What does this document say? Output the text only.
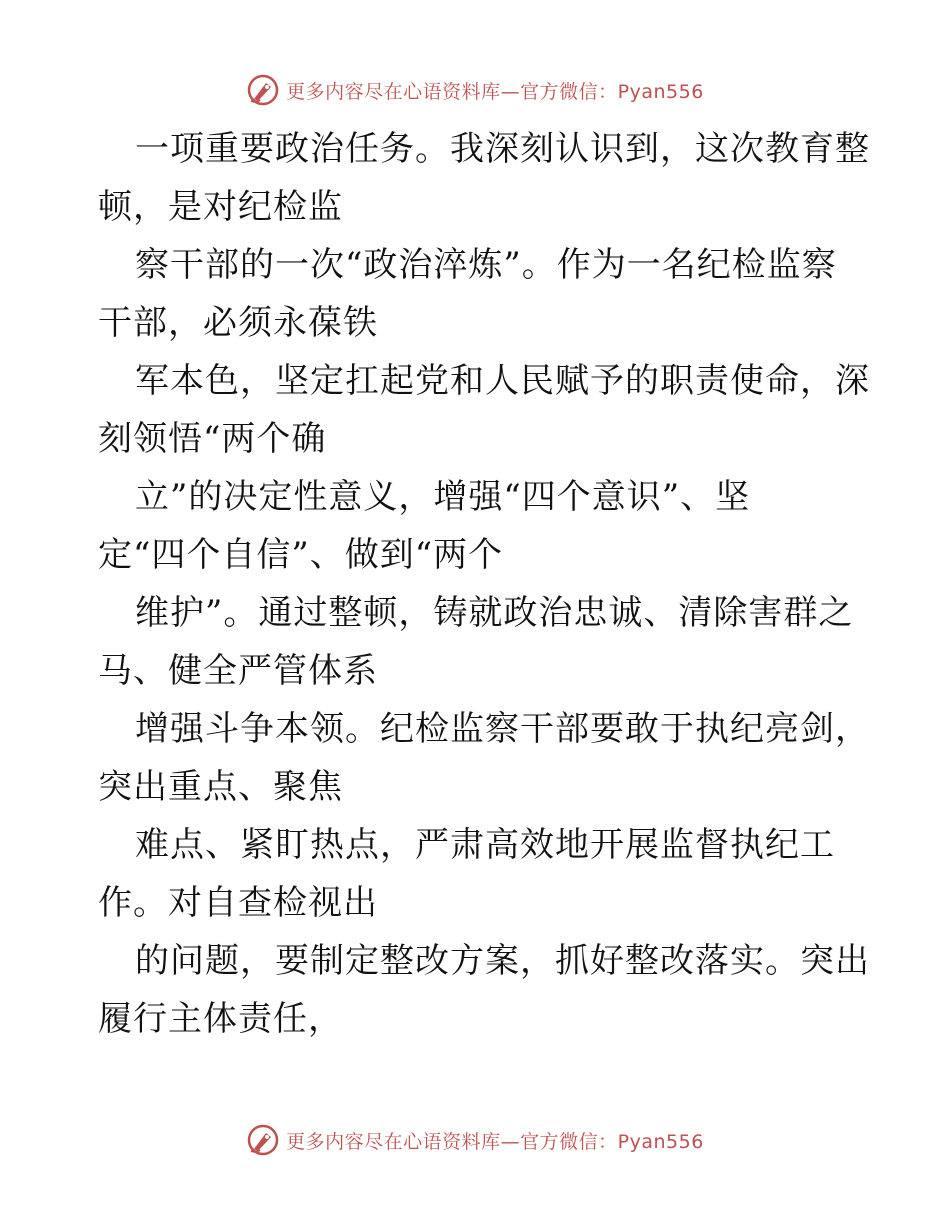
更多内容尽在心语资料库—官方微信：Pyan556
一项重要政治任务。我深刻认识到，这次教育整
顿，是对纪检监
察干部的一次“政治淬炼”。作为一名纪检监察
干部，必须永葆铁
军本色，坚定扛起党和人民赋予的职责使命，深
刻领悟“两个确
立”的决定性意义，增强“四个意识”、坚
定“四个自信”、做到“两个
维护”。通过整顿，铸就政治忠诚、清除害群之
马、健全严管体系
增强斗争本领。纪检监察干部要敢于执纪亮剑，
突出重点、聚焦
难点、紧盯热点，严肃高效地开展监督执纪工
作。对自查检视出
的问题，要制定整改方案，抓好整改落实。突出
履行主体责任，
更多内容尽在心语资料库—官方微信：Pyan556
